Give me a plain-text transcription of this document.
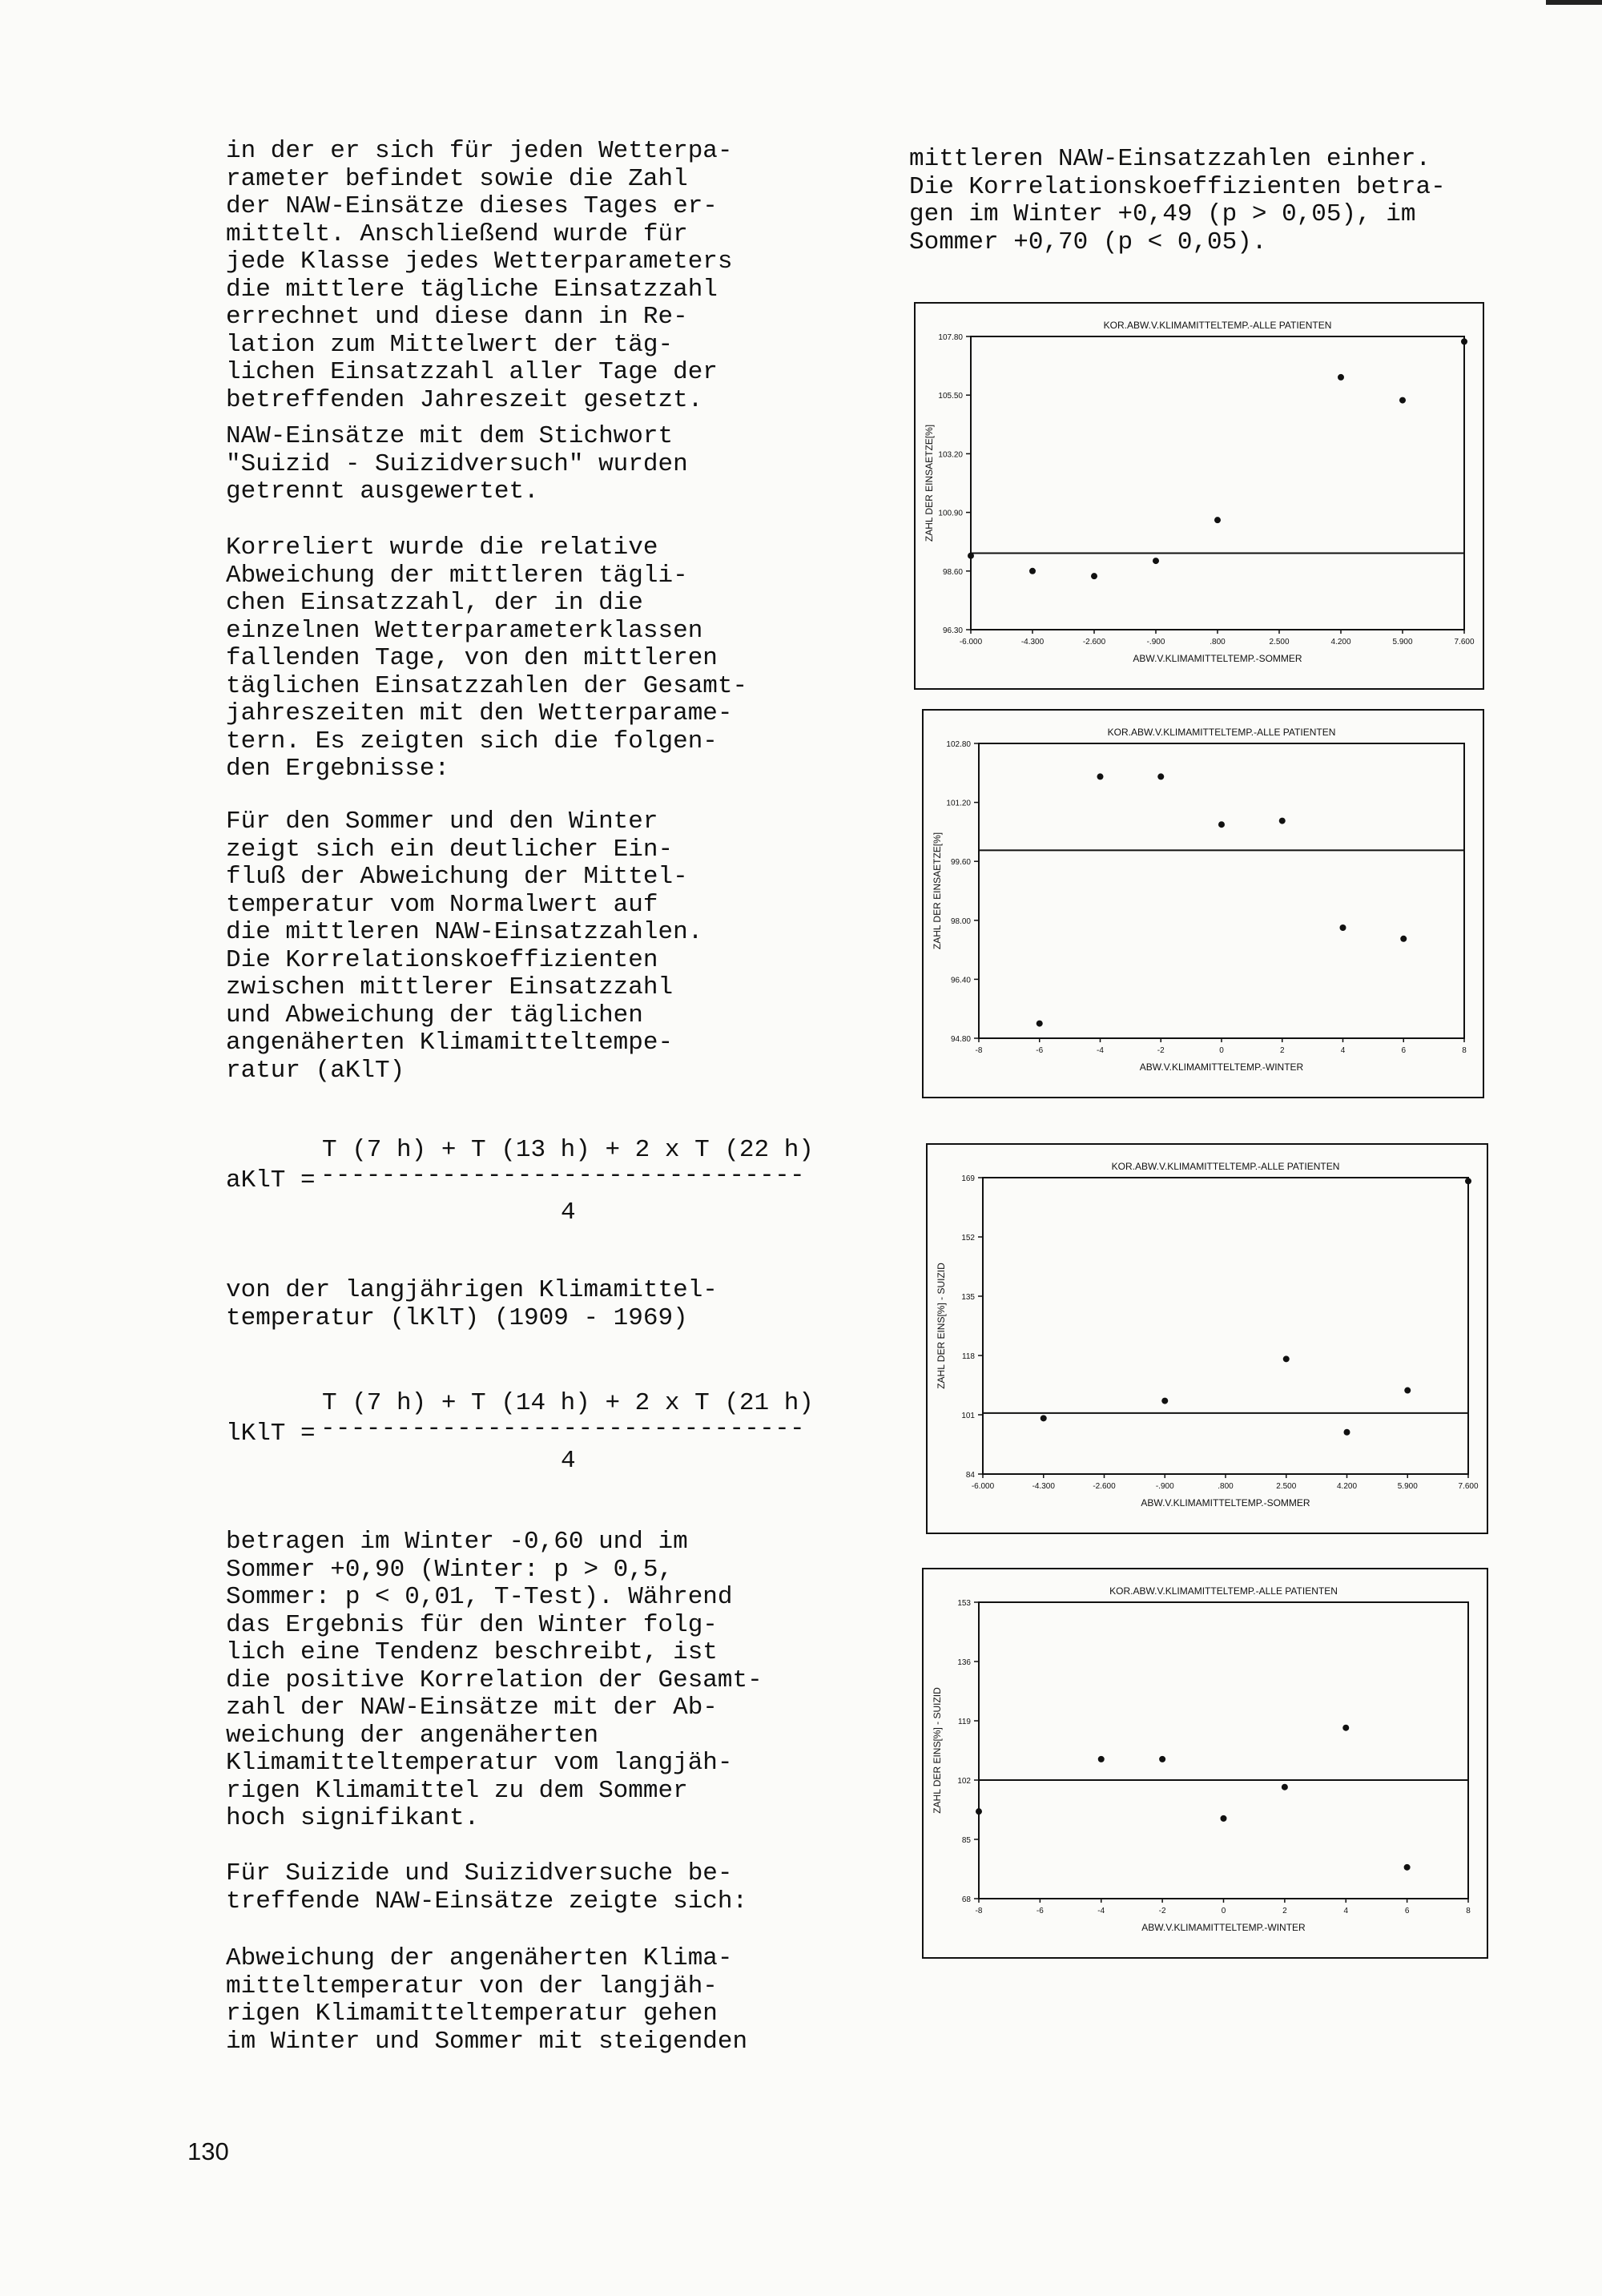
in der er sich für jeden Wetterpa-
rameter befindet sowie die Zahl
der NAW-Einsätze dieses Tages er-
mittelt. Anschließend wurde für
jede Klasse jedes Wetterparameters
die mittlere tägliche Einsatzzahl
errechnet und diese dann in Re-
lation zum Mittelwert der täg-
lichen Einsatzzahl aller Tage der
betreffenden Jahreszeit gesetzt.
NAW-Einsätze mit dem Stichwort
"Suizid - Suizidversuch" wurden
getrennt ausgewertet.
Korreliert wurde die relative
Abweichung der mittleren tägli-
chen Einsatzzahl, der in die
einzelnen Wetterparameterklassen
fallenden Tage, von den mittleren
täglichen Einsatzzahlen der Gesamt-
jahreszeiten mit den Wetterparame-
tern. Es zeigten sich die folgen-
den Ergebnisse:
Für den Sommer und den Winter
zeigt sich ein deutlicher Ein-
fluß der Abweichung der Mittel-
temperatur vom Normalwert auf
die mittleren NAW-Einsatzzahlen.
Die Korrelationskoeffizienten
zwischen mittlerer Einsatzzahl
und Abweichung der täglichen
angenäherten Klimamitteltempe-
ratur (aKlT)
T (7 h) + T (13 h) + 2 x T (22 h)
aKlT = --------------------------------
4
von der langjährigen Klimamittel-
temperatur (lKlT) (1909 - 1969)
T (7 h) + T (14 h) + 2 x T (21 h)
lKlT = --------------------------------
4
betragen im Winter -0,60 und im
Sommer +0,90 (Winter: p > 0,5,
Sommer: p < 0,01, T-Test). Während
das Ergebnis für den Winter folg-
lich eine Tendenz beschreibt, ist
die positive Korrelation der Gesamt-
zahl der NAW-Einsätze mit der Ab-
weichung der angenäherten
Klimamitteltemperatur vom langjäh-
rigen Klimamittel zu dem Sommer
hoch signifikant.
Für Suizide und Suizidversuche be-
treffende NAW-Einsätze zeigte sich:
Abweichung der angenäherten Klima-
mitteltemperatur von der langjäh-
rigen Klimamitteltemperatur gehen
im Winter und Sommer mit steigenden
mittleren NAW-Einsatzzahlen einher.
Die Korrelationskoeffizienten betra-
gen im Winter +0,49 (p > 0,05), im
Sommer +0,70 (p < 0,05).
KOR.ABW.V.KLIMAMITTELTEMP.-ALLE PATIENTEN
ZAHL DER EINSAETZE[%]
ABW.V.KLIMAMITTELTEMP.-SOMMER
96.30
98.60
100.90
103.20
105.50
107.80
-6.000	-4.300	-2.600	-.900	.800	2.500	4.200	5.900	7.600
KOR.ABW.V.KLIMAMITTELTEMP.-ALLE PATIENTEN
ZAHL DER EINSAETZE[%]
ABW.V.KLIMAMITTELTEMP.-WINTER
94.80
96.40
98.00
99.60
101.20
102.80
-8	-6	-4	-2	0	2	4	6	8
KOR.ABW.V.KLIMAMITTELTEMP.-ALLE PATIENTEN
ZAHL DER EINS[%] - SUIZID
ABW.V.KLIMAMITTELTEMP.-SOMMER
84
101
118
135
152
169
-6.000	-4.300	-2.600	-.900	.800	2.500	4.200	5.900	7.600
KOR.ABW.V.KLIMAMITTELTEMP.-ALLE PATIENTEN
ZAHL DER EINS[%] - SUIZID
ABW.V.KLIMAMITTELTEMP.-WINTER
68
85
102
119
136
153
-8	-6	-4	-2	0	2	4	6	8
130
